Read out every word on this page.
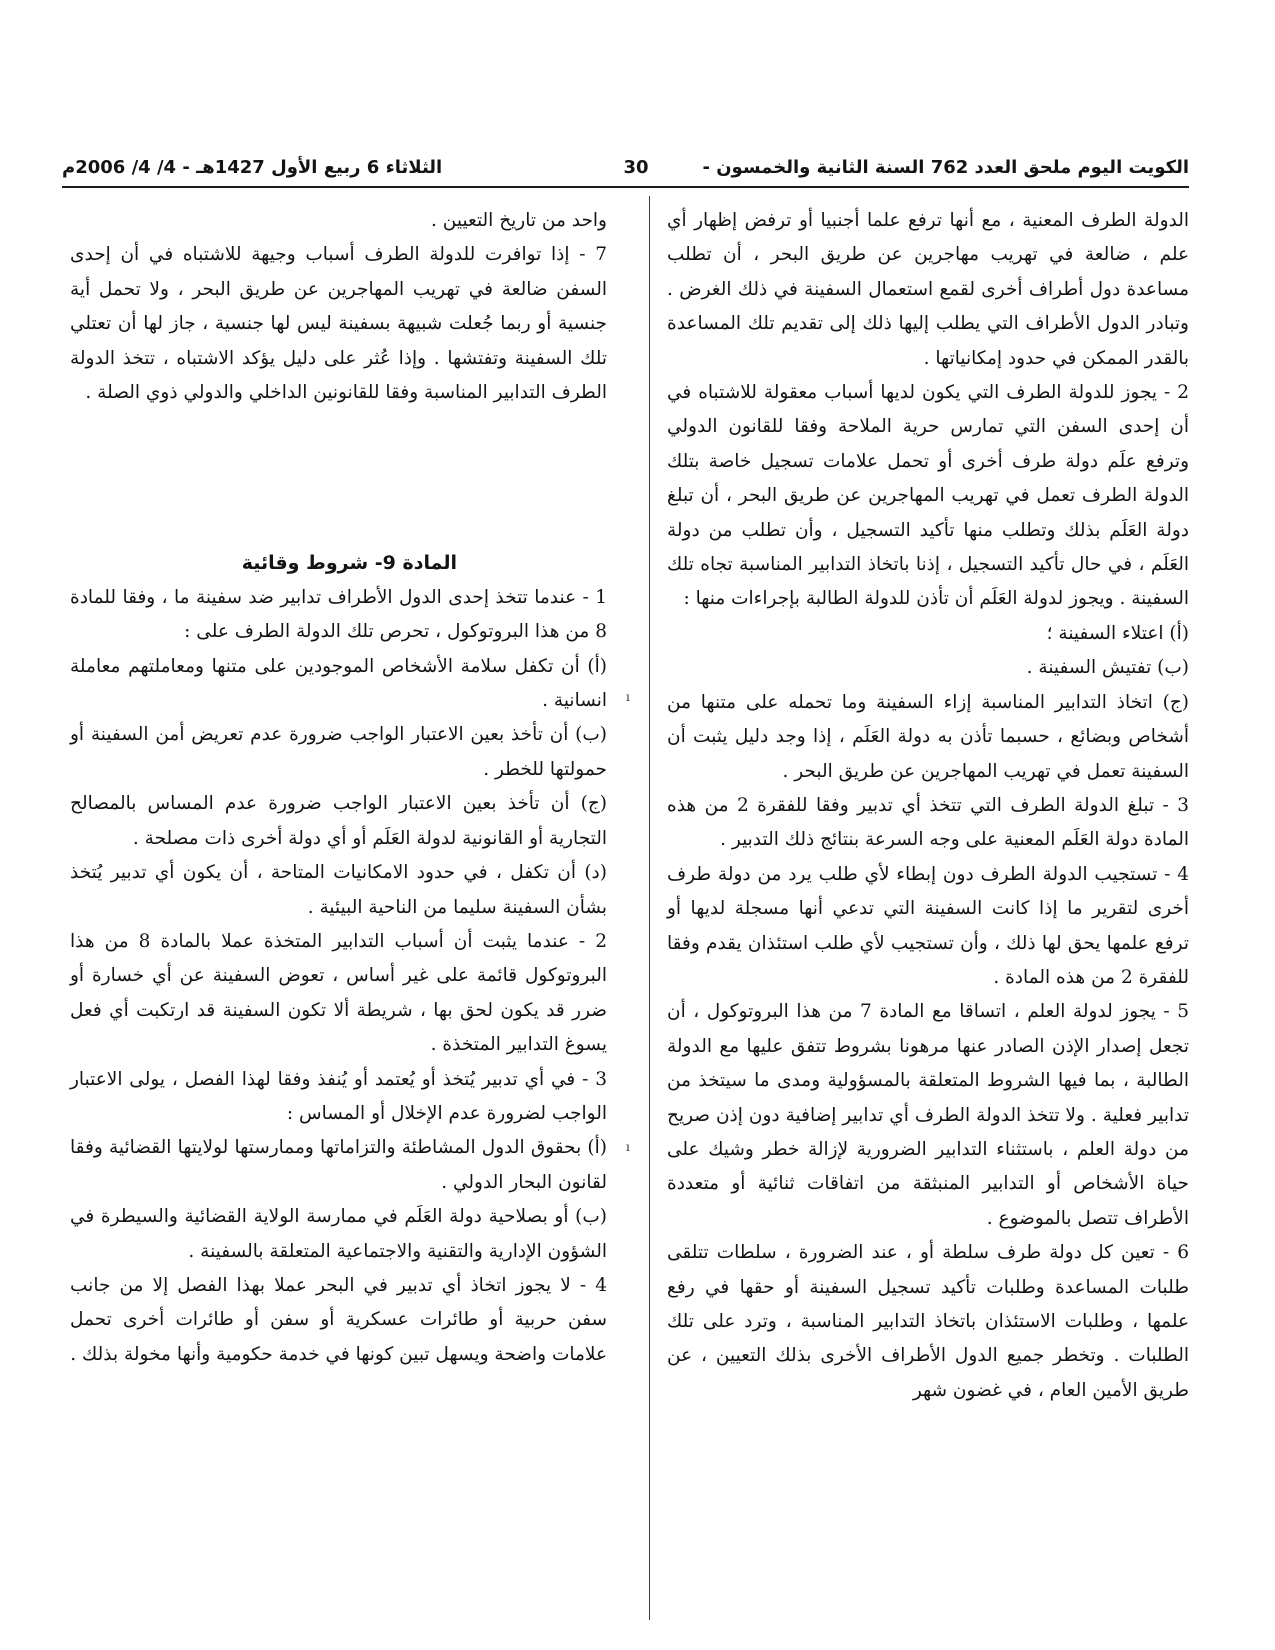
الكويت اليوم ملحق العدد 762 السنة الثانية والخمسون -
30
الثلاثاء 6 ربيع الأول 1427هـ - 4/ 4/ 2006م
ı
ı

الدولة الطرف المعنية ، مع أنها ترفع علما أجنبيا أو ترفض إظهار أي علم ، ضالعة في تهريب مهاجرين عن طريق البحر ، أن تطلب مساعدة دول أطراف أخرى لقمع استعمال السفينة في ذلك الغرض . وتبادر الدول الأطراف التي يطلب إليها ذلك إلى تقديم تلك المساعدة بالقدر الممكن في حدود إمكانياتها .

2 - يجوز للدولة الطرف التي يكون لديها أسباب معقولة للاشتباه في أن إحدى السفن التي تمارس حرية الملاحة وفقا للقانون الدولي وترفع علَم دولة طرف أخرى أو تحمل علامات تسجيل خاصة بتلك الدولة الطرف تعمل في تهريب المهاجرين عن طريق البحر ، أن تبلغ دولة العَلَم بذلك وتطلب منها تأكيد التسجيل ، وأن تطلب من دولة العَلَم ، في حال تأكيد التسجيل ، إذنا باتخاذ التدابير المناسبة تجاه تلك السفينة . ويجوز لدولة العَلَم أن تأذن للدولة الطالبة بإجراءات منها :

(أ) اعتلاء السفينة ؛

(ب) تفتيش السفينة .

(ج) اتخاذ التدابير المناسبة إزاء السفينة وما تحمله على متنها من أشخاص وبضائع ، حسبما تأذن به دولة العَلَم ، إذا وجد دليل يثبت أن السفينة تعمل في تهريب المهاجرين عن طريق البحر .

3 - تبلغ الدولة الطرف التي تتخذ أي تدبير وفقا للفقرة 2 من هذه المادة دولة العَلَم المعنية على وجه السرعة بنتائج ذلك التدبير .

4 - تستجيب الدولة الطرف دون إبطاء لأي طلب يرد من دولة طرف أخرى لتقرير ما إذا كانت السفينة التي تدعي أنها مسجلة لديها أو ترفع علمها يحق لها ذلك ، وأن تستجيب لأي طلب استئذان يقدم وفقا للفقرة 2 من هذه المادة .

5 - يجوز لدولة العلم ، اتساقا مع المادة 7 من هذا البروتوكول ، أن تجعل إصدار الإذن الصادر عنها مرهونا بشروط تتفق عليها مع الدولة الطالبة ، بما فيها الشروط المتعلقة بالمسؤولية ومدى ما سيتخذ من تدابير فعلية . ولا تتخذ الدولة الطرف أي تدابير إضافية دون إذن صريح من دولة العلم ، باستثناء التدابير الضرورية لإزالة خطر وشيك على حياة الأشخاص أو التدابير المنبثقة من اتفاقات ثنائية أو متعددة الأطراف تتصل بالموضوع .

6 - تعين كل دولة طرف سلطة أو ، عند الضرورة ، سلطات تتلقى طلبات المساعدة وطلبات تأكيد تسجيل السفينة أو حقها في رفع علمها ، وطلبات الاستئذان باتخاذ التدابير المناسبة ، وترد على تلك الطلبات . وتخطر جميع الدول الأطراف الأخرى بذلك التعيين ، عن طريق الأمين العام ، في غضون شهر

واحد من تاريخ التعيين .

7 - إذا توافرت للدولة الطرف أسباب وجيهة للاشتباه في أن إحدى السفن ضالعة في تهريب المهاجرين عن طريق البحر ، ولا تحمل أية جنسية أو ربما جُعلت شبيهة بسفينة ليس لها جنسية ، جاز لها أن تعتلي تلك السفينة وتفتشها . وإذا عُثر على دليل يؤكد الاشتباه ، تتخذ الدولة الطرف التدابير المناسبة وفقا للقانونين الداخلي والدولي ذوي الصلة .

المادة 9- شروط وقائية

1 - عندما تتخذ إحدى الدول الأطراف تدابير ضد سفينة ما ، وفقا للمادة 8 من هذا البروتوكول ، تحرص تلك الدولة الطرف على :

(أ) أن تكفل سلامة الأشخاص الموجودين على متنها ومعاملتهم معاملة انسانية .

(ب) أن تأخذ بعين الاعتبار الواجب ضرورة عدم تعريض أمن السفينة أو حمولتها للخطر .

(ج) أن تأخذ بعين الاعتبار الواجب ضرورة عدم المساس بالمصالح التجارية أو القانونية لدولة العَلَم أو أي دولة أخرى ذات مصلحة .

(د) أن تكفل ، في حدود الامكانيات المتاحة ، أن يكون أي تدبير يُتخذ بشأن السفينة سليما من الناحية البيئية .

2 - عندما يثبت أن أسباب التدابير المتخذة عملا بالمادة 8 من هذا البروتوكول قائمة على غير أساس ، تعوض السفينة عن أي خسارة أو ضرر قد يكون لحق بها ، شريطة ألا تكون السفينة قد ارتكبت أي فعل يسوغ التدابير المتخذة .

3 - في أي تدبير يُتخذ أو يُعتمد أو يُنفذ وفقا لهذا الفصل ، يولى الاعتبار الواجب لضرورة عدم الإخلال أو المساس :

(أ) بحقوق الدول المشاطئة والتزاماتها وممارستها لولايتها القضائية وفقا لقانون البحار الدولي .

(ب) أو بصلاحية دولة العَلَم في ممارسة الولاية القضائية والسيطرة في الشؤون الإدارية والتقنية والاجتماعية المتعلقة بالسفينة .

4 - لا يجوز اتخاذ أي تدبير في البحر عملا بهذا الفصل إلا من جانب سفن حربية أو طائرات عسكرية أو سفن أو طائرات أخرى تحمل علامات واضحة ويسهل تبين كونها في خدمة حكومية وأنها مخولة بذلك .
